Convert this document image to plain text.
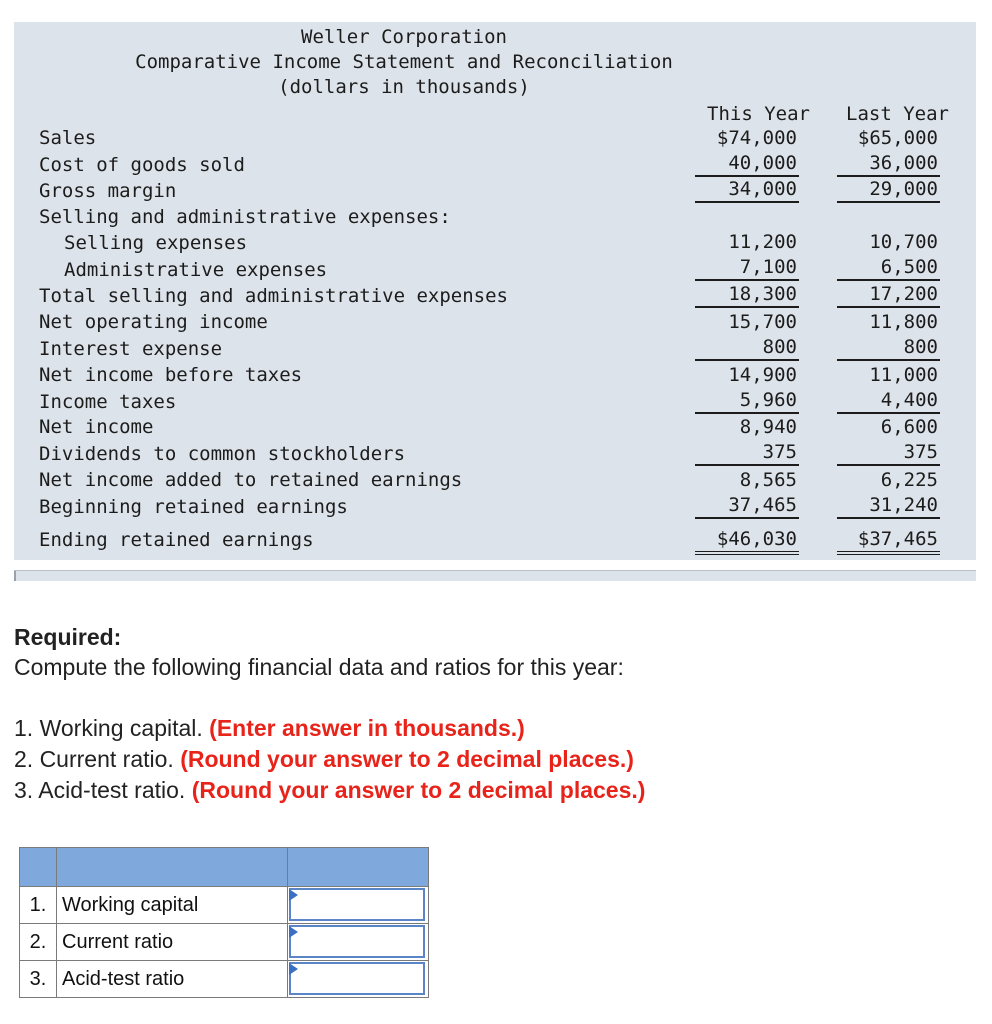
Weller Corporation
Comparative Income Statement and Reconciliation
(dollars in thousands)
This Year Last Year
Sales	$74,000	$65,000
Cost of goods sold	40,000	36,000
Gross margin	34,000	29,000
Selling and administrative expenses:
Selling expenses	11,200	10,700
Administrative expenses	7,100	6,500
Total selling and administrative expenses	18,300	17,200
Net operating income	15,700	11,800
Interest expense	800	800
Net income before taxes	14,900	11,000
Income taxes	5,960	4,400
Net income	8,940	6,600
Dividends to common stockholders	375	375
Net income added to retained earnings	8,565	6,225
Beginning retained earnings	37,465	31,240
Ending retained earnings	$46,030	$37,465
Required:
Compute the following financial data and ratios for this year:
1. Working capital. (Enter answer in thousands.)
2. Current ratio. (Round your answer to 2 decimal places.)
3. Acid-test ratio. (Round your answer to 2 decimal places.)

1.	Working capital	

2.	Current ratio	

3.	Acid-test ratio	
